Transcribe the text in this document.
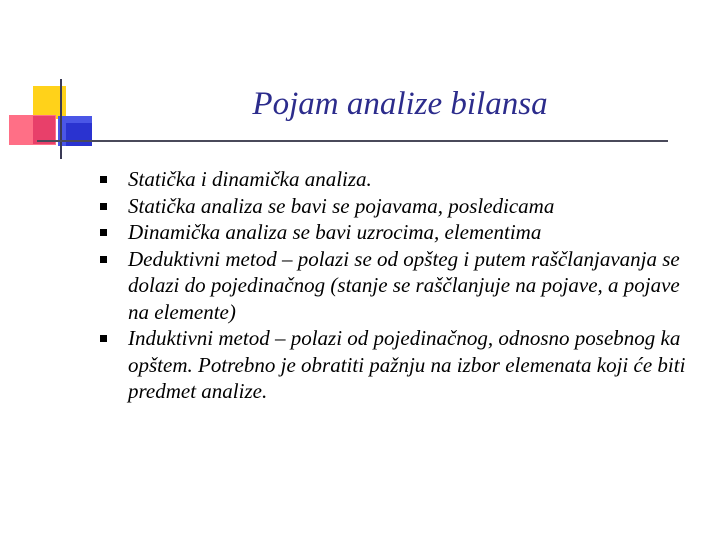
Pojam analize bilansa
Statička i dinamička analiza.
Statička analiza se bavi se pojavama, posledicama
Dinamička analiza se bavi uzrocima, elementima
Deduktivni metod – polazi se od opšteg i putem raščlanjavanja se dolazi do pojedinačnog (stanje se raščlanjuje na pojave, a pojave na elemente)
Induktivni metod – polazi od pojedinačnog, odnosno posebnog ka opštem. Potrebno je obratiti pažnju na izbor elemenata koji će biti predmet analize.
